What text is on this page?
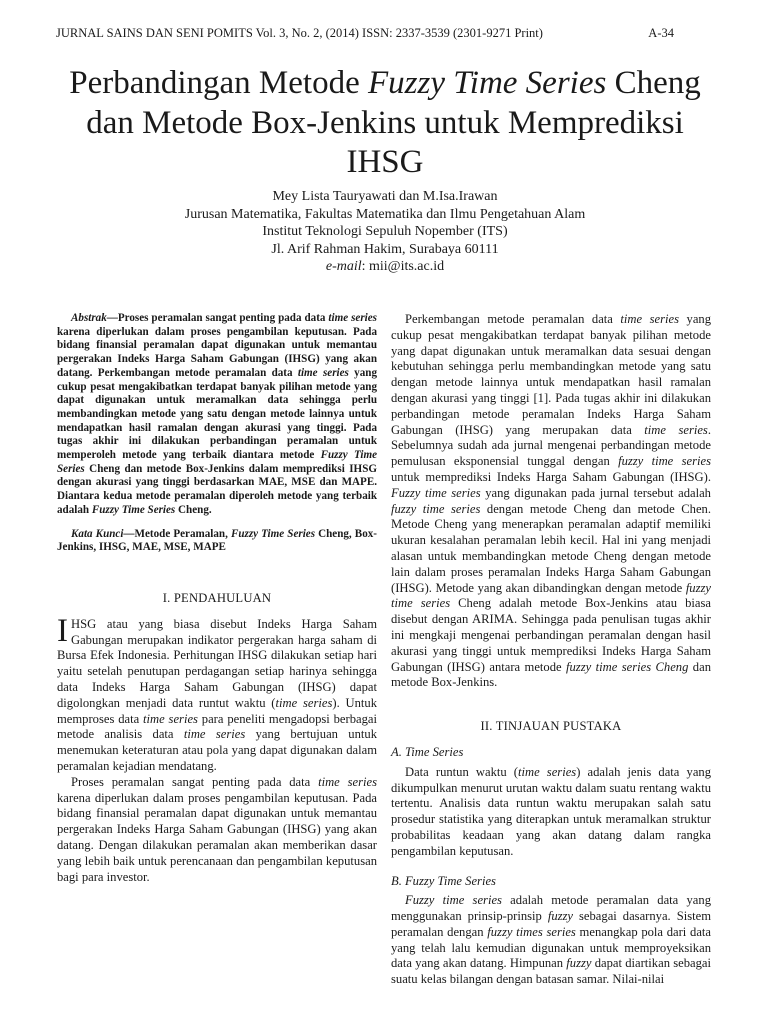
JURNAL SAINS DAN SENI POMITS Vol. 3, No. 2, (2014) ISSN: 2337-3539 (2301-9271 Print)	A-34
Perbandingan Metode Fuzzy Time Series Cheng dan Metode Box-Jenkins untuk Memprediksi IHSG
Mey Lista Tauryawati dan M.Isa.Irawan
Jurusan Matematika, Fakultas Matematika dan Ilmu Pengetahuan Alam
Institut Teknologi Sepuluh Nopember (ITS)
Jl. Arif Rahman Hakim, Surabaya 60111
e-mail: mii@its.ac.id

Abstrak—Proses peramalan sangat penting pada data time series karena diperlukan dalam proses pengambilan keputusan. Pada bidang finansial peramalan dapat digunakan untuk memantau pergerakan Indeks Harga Saham Gabungan (IHSG) yang akan datang. Perkembangan metode peramalan data time series yang cukup pesat mengakibatkan terdapat banyak pilihan metode yang dapat digunakan untuk meramalkan data sehingga perlu membandingkan metode yang satu dengan metode lainnya untuk mendapatkan hasil ramalan dengan akurasi yang tinggi. Pada tugas akhir ini dilakukan perbandingan peramalan untuk memperoleh metode yang terbaik diantara metode Fuzzy Time Series Cheng dan metode Box-Jenkins dalam memprediksi IHSG dengan akurasi yang tinggi berdasarkan MAE, MSE dan MAPE. Diantara kedua metode peramalan diperoleh metode yang terbaik adalah Fuzzy Time Series Cheng.

Kata Kunci—Metode Peramalan, Fuzzy Time Series Cheng, Box-Jenkins, IHSG, MAE, MSE, MAPE

I. PENDAHULUAN

IHSG atau yang biasa disebut Indeks Harga Saham Gabungan merupakan indikator pergerakan harga saham di Bursa Efek Indonesia. Perhitungan IHSG dilakukan setiap hari yaitu setelah penutupan perdagangan setiap harinya sehingga data Indeks Harga Saham Gabungan (IHSG) dapat digolongkan menjadi data runtut waktu (time series). Untuk memproses data time series para peneliti mengadopsi berbagai metode analisis data time series yang bertujuan untuk menemukan keteraturan atau pola yang dapat digunakan dalam peramalan kejadian mendatang.

Proses peramalan sangat penting pada data time series karena diperlukan dalam proses pengambilan keputusan. Pada bidang finansial peramalan dapat digunakan untuk memantau pergerakan Indeks Harga Saham Gabungan (IHSG) yang akan datang. Dengan dilakukan peramalan akan memberikan dasar yang lebih baik untuk perencanaan dan pengambilan keputusan bagi para investor.

Perkembangan metode peramalan data time series yang cukup pesat mengakibatkan terdapat banyak pilihan metode yang dapat digunakan untuk meramalkan data sesuai dengan kebutuhan sehingga perlu membandingkan metode yang satu dengan metode lainnya untuk mendapatkan hasil ramalan dengan akurasi yang tinggi [1]. Pada tugas akhir ini dilakukan perbandingan metode peramalan Indeks Harga Saham Gabungan (IHSG) yang merupakan data time series. Sebelumnya sudah ada jurnal mengenai perbandingan metode pemulusan eksponensial tunggal dengan fuzzy time series untuk memprediksi Indeks Harga Saham Gabungan (IHSG). Fuzzy time series yang digunakan pada jurnal tersebut adalah fuzzy time series dengan metode Cheng dan metode Chen. Metode Cheng yang menerapkan peramalan adaptif memiliki ukuran kesalahan peramalan lebih kecil. Hal ini yang menjadi alasan untuk membandingkan metode Cheng dengan metode lain dalam proses peramalan Indeks Harga Saham Gabungan (IHSG). Metode yang akan dibandingkan dengan metode fuzzy time series Cheng adalah metode Box-Jenkins atau biasa disebut dengan ARIMA. Sehingga pada penulisan tugas akhir ini mengkaji mengenai perbandingan peramalan dengan hasil akurasi yang tinggi untuk memprediksi Indeks Harga Saham Gabungan (IHSG) antara metode fuzzy time series Cheng dan metode Box-Jenkins.

II. TINJAUAN PUSTAKA
A. Time Series

Data runtun waktu (time series) adalah jenis data yang dikumpulkan menurut urutan waktu dalam suatu rentang waktu tertentu. Analisis data runtun waktu merupakan salah satu prosedur statistika yang diterapkan untuk meramalkan struktur probabilitas keadaan yang akan datang dalam rangka pengambilan keputusan.

B. Fuzzy Time Series

Fuzzy time series adalah metode peramalan data yang menggunakan prinsip-prinsip fuzzy sebagai dasarnya. Sistem peramalan dengan fuzzy times series menangkap pola dari data yang telah lalu kemudian digunakan untuk memproyeksikan data yang akan datang. Himpunan fuzzy dapat diartikan sebagai suatu kelas bilangan dengan batasan samar. Nilai-nilai
